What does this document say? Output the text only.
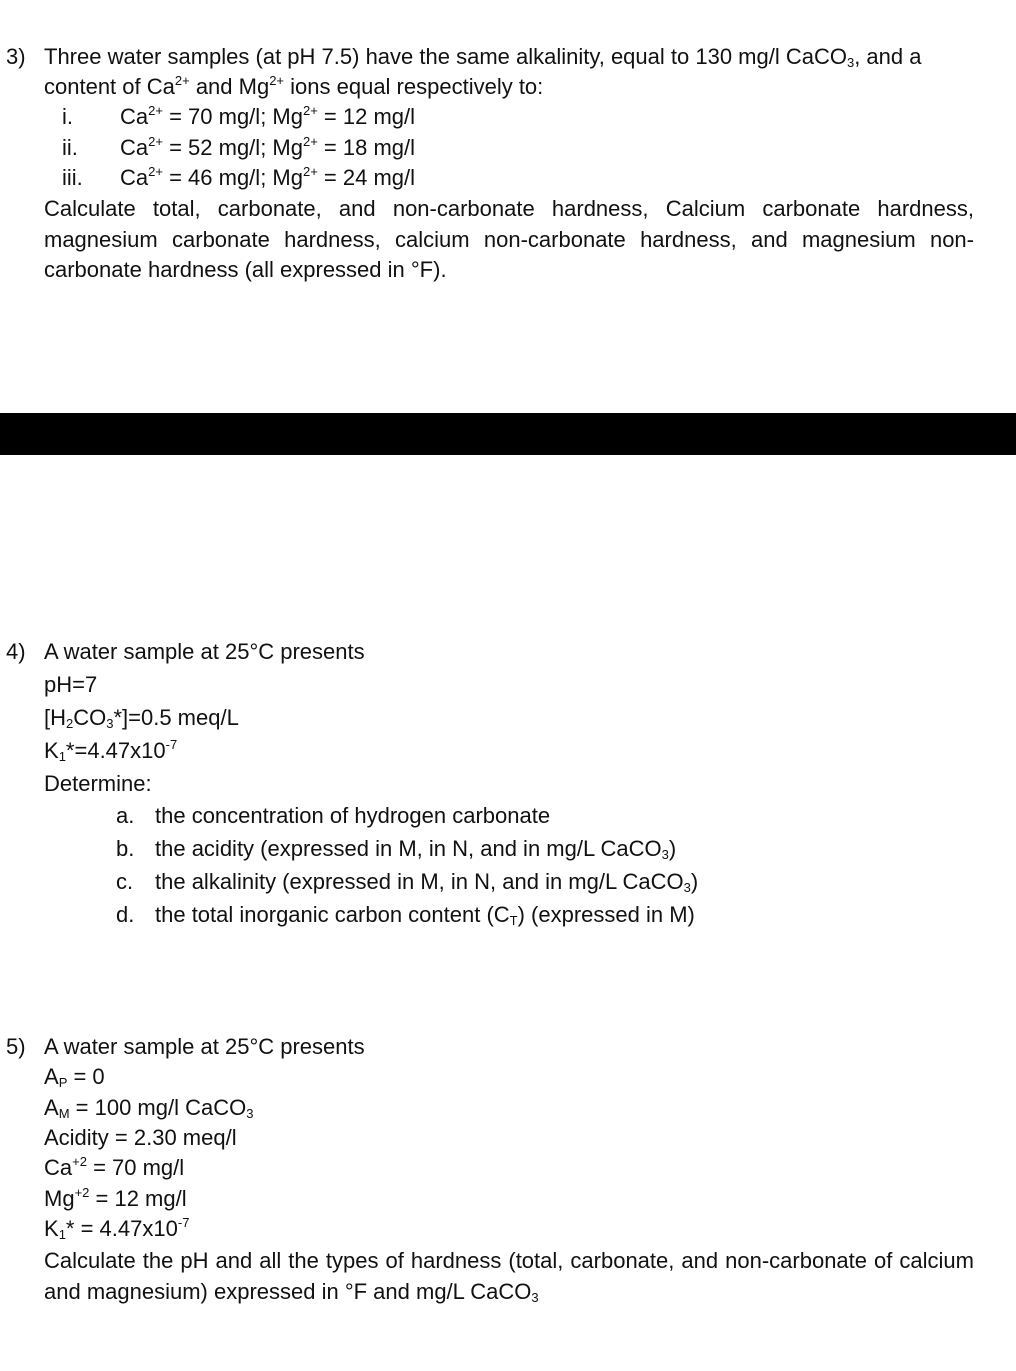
3) Three water samples (at pH 7.5) have the same alkalinity, equal to 130 mg/l CaCO$_3$, and a
content of $Ca^{2+}$ and $Mg^{2+}$ ions equal respectively to:
i. $Ca^{2+} = 70$ mg/l; $Mg^{2+} = 12$ mg/l
ii. $Ca^{2+} = 52$ mg/l; $Mg^{2+} = 18$ mg/l
iii. $Ca^{2+} = 46$ mg/l; $Mg^{2+} = 24$ mg/l
Calculate total, carbonate, and non-carbonate hardness, Calcium carbonate hardness, magnesium carbonate hardness, calcium non-carbonate hardness, and magnesium non-carbonate hardness (all expressed in °F).
4) A water sample at 25°C presents
pH=7
$[H_2CO_3*]=0.5$ meq/L
$K_1*=4.47x10^{-7}$
Determine:
a. the concentration of hydrogen carbonate
b. the acidity (expressed in M, in N, and in mg/L CaCO$_3$)
c. the alkalinity (expressed in M, in N, and in mg/L CaCO$_3$)
d. the total inorganic carbon content $(C_T)$ (expressed in M)
5) A water sample at 25°C presents
$A_P = 0$
$A_M = 100$ mg/l CaCO$_3$
Acidity = 2.30 meq/l
$Ca^{+2} = 70$ mg/l
$Mg^{+2} = 12$ mg/l
$K_1* = 4.47x10^{-7}$
Calculate the pH and all the types of hardness (total, carbonate, and non-carbonate of calcium and magnesium) expressed in °F and mg/L CaCO$_3$
